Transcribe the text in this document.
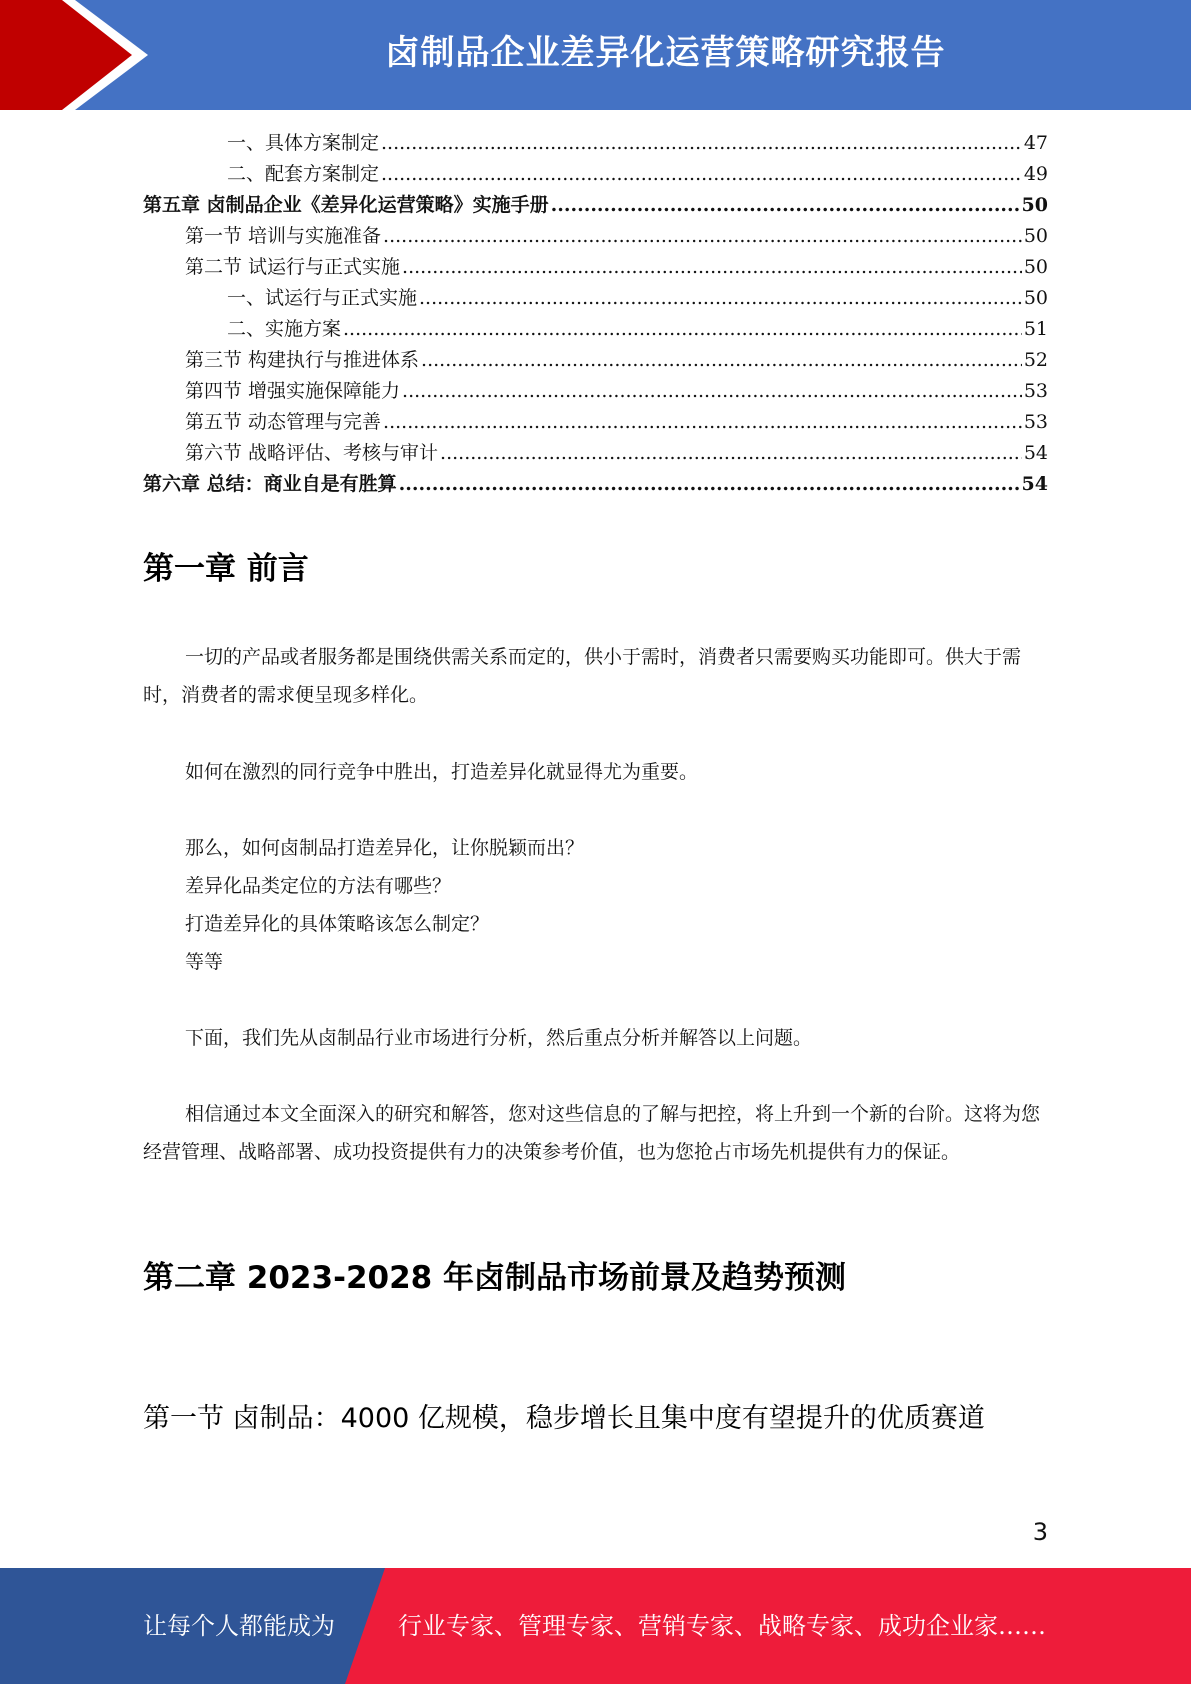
卤制品企业差异化运营策略研究报告
一、具体方案制定 .....	47
二、配套方案制定 .....	49
第五章 卤制品企业《差异化运营策略》实施手册 .....	50
第一节 培训与实施准备 .....	50
第二节 试运行与正式实施 .....	50
一、试运行与正式实施 .....	50
二、实施方案 .....	51
第三节 构建执行与推进体系 .....	52
第四节 增强实施保障能力 .....	53
第五节 动态管理与完善 .....	53
第六节 战略评估、考核与审计 .....	54
第六章 总结：商业自是有胜算 .....	54
第一章 前言

一切的产品或者服务都是围绕供需关系而定的，供小于需时，消费者只需要购买功能即可。供大于需时，消费者的需求便呈现多样化。

如何在激烈的同行竞争中胜出，打造差异化就显得尤为重要。
那么，如何卤制品打造差异化，让你脱颖而出？
差异化品类定位的方法有哪些？
打造差异化的具体策略该怎么制定？
等等
下面，我们先从卤制品行业市场进行分析，然后重点分析并解答以上问题。

相信通过本文全面深入的研究和解答，您对这些信息的了解与把控，将上升到一个新的台阶。这将为您经营管理、战略部署、成功投资提供有力的决策参考价值，也为您抢占市场先机提供有力的保证。

第二章 2023-2028 年卤制品市场前景及趋势预测
第一节 卤制品：4000 亿规模，稳步增长且集中度有望提升的优质赛道
3
让每个人都能成为	行业专家、管理专家、营销专家、战略专家、成功企业家……
